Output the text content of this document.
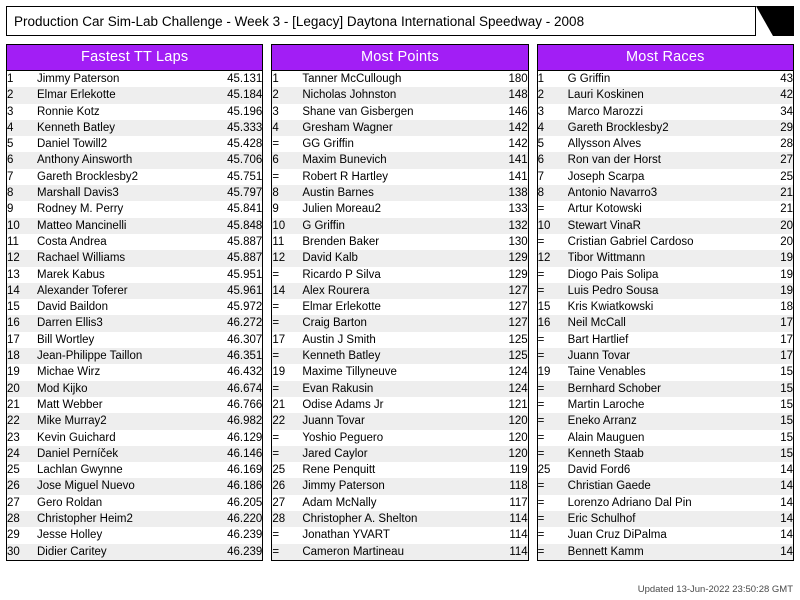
Production Car Sim-Lab Challenge - Week 3 - [Legacy] Daytona International Speedway - 2008
Fastest TT Laps
1	Jimmy Paterson	45.131
2	Elmar Erlekotte	45.184
3	Ronnie Kotz	45.196
4	Kenneth Batley	45.333
5	Daniel Towill2	45.428
6	Anthony Ainsworth	45.706
7	Gareth Brocklesby2	45.751
8	Marshall Davis3	45.797
9	Rodney M. Perry	45.841
10	Matteo Mancinelli	45.848
11	Costa Andrea	45.887
12	Rachael Williams	45.887
13	Marek Kabus	45.951
14	Alexander Toferer	45.961
15	David Baildon	45.972
16	Darren Ellis3	46.272
17	Bill Wortley	46.307
18	Jean-Philippe Taillon	46.351
19	Michae Wirz	46.432
20	Mod Kijko	46.674
21	Matt Webber	46.766
22	Mike Murray2	46.982
23	Kevin Guichard	46.129
24	Daniel Perníček	46.146
25	Lachlan Gwynne	46.169
26	Jose Miguel Nuevo	46.186
27	Gero Roldan	46.205
28	Christopher Heim2	46.220
29	Jesse Holley	46.239
30	Didier Caritey	46.239
Most Points
1	Tanner McCullough	180
2	Nicholas Johnston	148
3	Shane van Gisbergen	146
4	Gresham Wagner	142
=	GG Griffin	142
6	Maxim Bunevich	141
=	Robert R Hartley	141
8	Austin Barnes	138
9	Julien Moreau2	133
10	G Griffin	132
11	Brenden Baker	130
12	David Kalb	129
=	Ricardo P Silva	129
14	Alex Rourera	127
=	Elmar Erlekotte	127
=	Craig Barton	127
17	Austin J Smith	125
=	Kenneth Batley	125
19	Maxime Tillyneuve	124
=	Evan Rakusin	124
21	Odise Adams Jr	121
22	Juann Tovar	120
=	Yoshio Peguero	120
=	Jared Caylor	120
25	Rene Penquitt	119
26	Jimmy Paterson	118
27	Adam McNally	117
28	Christopher A. Shelton	114
=	Jonathan YVART	114
=	Cameron Martineau	114
Most Races
1	G Griffin	43
2	Lauri Koskinen	42
3	Marco Marozzi	34
4	Gareth Brocklesby2	29
5	Allysson Alves	28
6	Ron van der Horst	27
7	Joseph Scarpa	25
8	Antonio Navarro3	21
=	Artur Kotowski	21
10	Stewart VinaR	20
=	Cristian Gabriel Cardoso	20
12	Tibor Wittmann	19
=	Diogo Pais Solipa	19
=	Luis Pedro Sousa	19
15	Kris Kwiatkowski	18
16	Neil McCall	17
=	Bart Hartlief	17
=	Juann Tovar	17
19	Taine Venables	15
=	Bernhard Schober	15
=	Martin Laroche	15
=	Eneko Arranz	15
=	Alain Mauguen	15
=	Kenneth Staab	15
25	David Ford6	14
=	Christian Gaede	14
=	Lorenzo Adriano Dal Pin	14
=	Eric Schulhof	14
=	Juan Cruz DiPalma	14
=	Bennett Kamm	14
Updated 13-Jun-2022 23:50:28 GMT
